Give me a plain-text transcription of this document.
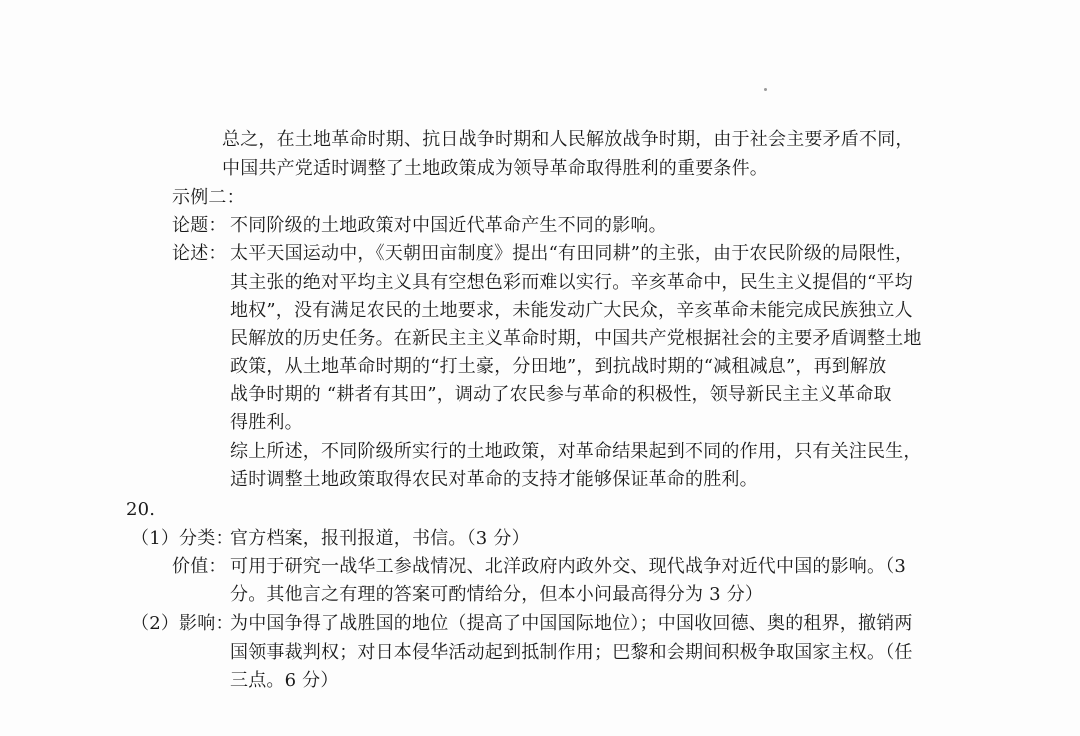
总之，在土地革命时期、抗日战争时期和人民解放战争时期，由于社会主要矛盾不同，
中国共产党适时调整了土地政策成为领导革命取得胜利的重要条件。
示例二：
论题： 不同阶级的土地政策对中国近代革命产生不同的影响。
论述： 太平天国运动中，《天朝田亩制度》提出“有田同耕”的主张，由于农民阶级的局限性，
其主张的绝对平均主义具有空想色彩而难以实行。辛亥革命中，民生主义提倡的“平均
地权”，没有满足农民的土地要求，未能发动广大民众，辛亥革命未能完成民族独立人
民解放的历史任务。在新民主主义革命时期，中国共产党根据社会的主要矛盾调整土地
政策，从土地革命时期的“打土豪，分田地”，到抗战时期的“减租减息”，再到解放
战争时期的 “耕者有其田”，调动了农民参与革命的积极性，领导新民主主义革命取
得胜利。
综上所述，不同阶级所实行的土地政策，对革命结果起到不同的作用，只有关注民生，
适时调整土地政策取得农民对革命的支持才能够保证革命的胜利。
20.
（1）分类：
官方档案，报刊报道，书信。（3 分）
价值： 可用于研究一战华工参战情况、北洋政府内政外交、现代战争对近代中国的影响。（3
分。其他言之有理的答案可酌情给分，但本小问最高得分为 3 分）
（2）影响：
为中国争得了战胜国的地位（提高了中国国际地位）；中国收回德、奥的租界，撤销两
国领事裁判权；对日本侵华活动起到抵制作用；巴黎和会期间积极争取国家主权。（任
三点。6 分）
